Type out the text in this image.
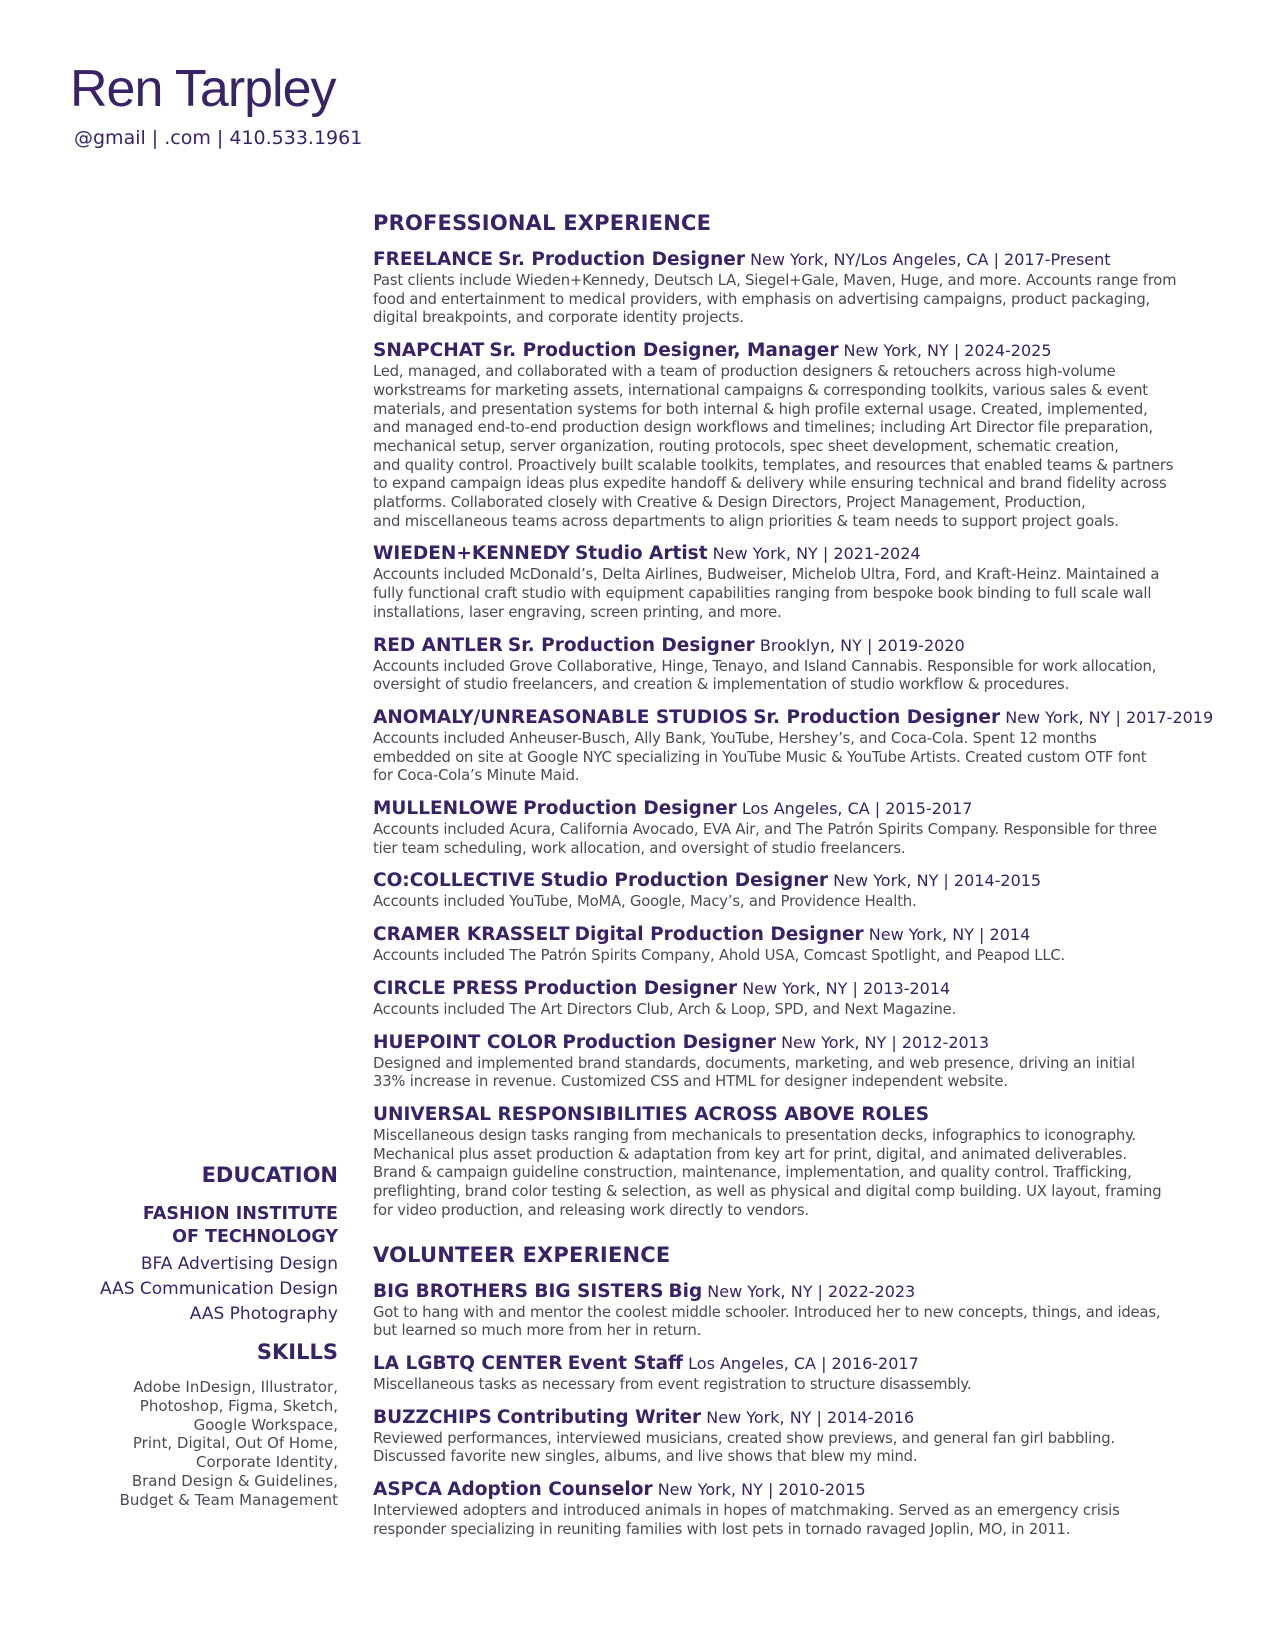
Ren Tarpley

@gmail | .com | 410.533.1961

PROFESSIONAL EXPERIENCE

FREELANCE Sr. Production Designer New York, NY/Los Angeles, CA | 2017-Present

Past clients include Wieden+Kennedy, Deutsch LA, Siegel+Gale, Maven, Huge, and more. Accounts range from

food and entertainment to medical providers, with emphasis on advertising campaigns, product packaging,

digital breakpoints, and corporate identity projects.

SNAPCHAT Sr. Production Designer, Manager New York, NY | 2024-2025

Led, managed, and collaborated with a team of production designers & retouchers across high-volume

workstreams for marketing assets, international campaigns & corresponding toolkits, various sales & event

materials, and presentation systems for both internal & high profile external usage. Created, implemented,

and managed end-to-end production design workflows and timelines; including Art Director file preparation,

mechanical setup, server organization, routing protocols, spec sheet development, schematic creation,

and quality control. Proactively built scalable toolkits, templates, and resources that enabled teams & partners

to expand campaign ideas plus expedite handoff & delivery while ensuring technical and brand fidelity across

platforms. Collaborated closely with Creative & Design Directors, Project Management, Production,

and miscellaneous teams across departments to align priorities & team needs to support project goals.

WIEDEN+KENNEDY Studio Artist New York, NY | 2021-2024

Accounts included McDonald’s, Delta Airlines, Budweiser, Michelob Ultra, Ford, and Kraft-Heinz. Maintained a

fully functional craft studio with equipment capabilities ranging from bespoke book binding to full scale wall

installations, laser engraving, screen printing, and more.

RED ANTLER Sr. Production Designer Brooklyn, NY | 2019-2020

Accounts included Grove Collaborative, Hinge, Tenayo, and Island Cannabis. Responsible for work allocation,

oversight of studio freelancers, and creation & implementation of studio workflow & procedures.

ANOMALY/UNREASONABLE STUDIOS Sr. Production Designer New York, NY | 2017-2019

Accounts included Anheuser-Busch, Ally Bank, YouTube, Hershey’s, and Coca-Cola. Spent 12 months

embedded on site at Google NYC specializing in YouTube Music & YouTube Artists. Created custom OTF font

for Coca-Cola’s Minute Maid.

MULLENLOWE Production Designer Los Angeles, CA | 2015-2017

Accounts included Acura, California Avocado, EVA Air, and The Patrón Spirits Company. Responsible for three

tier team scheduling, work allocation, and oversight of studio freelancers.

CO:COLLECTIVE Studio Production Designer New York, NY | 2014-2015

Accounts included YouTube, MoMA, Google, Macy’s, and Providence Health.

CRAMER KRASSELT Digital Production Designer New York, NY | 2014

Accounts included The Patrón Spirits Company, Ahold USA, Comcast Spotlight, and Peapod LLC.

CIRCLE PRESS Production Designer New York, NY | 2013-2014

Accounts included The Art Directors Club, Arch & Loop, SPD, and Next Magazine.

HUEPOINT COLOR Production Designer New York, NY | 2012-2013

Designed and implemented brand standards, documents, marketing, and web presence, driving an initial

33% increase in revenue. Customized CSS and HTML for designer independent website.

UNIVERSAL RESPONSIBILITIES ACROSS ABOVE ROLES

Miscellaneous design tasks ranging from mechanicals to presentation decks, infographics to iconography.

Mechanical plus asset production & adaptation from key art for print, digital, and animated deliverables.

Brand & campaign guideline construction, maintenance, implementation, and quality control. Trafficking,

preflighting, brand color testing & selection, as well as physical and digital comp building. UX layout, framing

for video production, and releasing work directly to vendors.

VOLUNTEER EXPERIENCE

BIG BROTHERS BIG SISTERS Big New York, NY | 2022-2023

Got to hang with and mentor the coolest middle schooler. Introduced her to new concepts, things, and ideas,

but learned so much more from her in return.

LA LGBTQ CENTER Event Staff Los Angeles, CA | 2016-2017

Miscellaneous tasks as necessary from event registration to structure disassembly.

BUZZCHIPS Contributing Writer New York, NY | 2014-2016

Reviewed performances, interviewed musicians, created show previews, and general fan girl babbling.

Discussed favorite new singles, albums, and live shows that blew my mind.

ASPCA Adoption Counselor New York, NY | 2010-2015

Interviewed adopters and introduced animals in hopes of matchmaking. Served as an emergency crisis

responder specializing in reuniting families with lost pets in tornado ravaged Joplin, MO, in 2011.

EDUCATION

FASHION INSTITUTE

OF TECHNOLOGY

BFA Advertising Design

AAS Communication Design

AAS Photography

SKILLS

Adobe InDesign, Illustrator,

Photoshop, Figma, Sketch,

Google Workspace,

Print, Digital, Out Of Home,

Corporate Identity,

Brand Design & Guidelines,

Budget & Team Management
